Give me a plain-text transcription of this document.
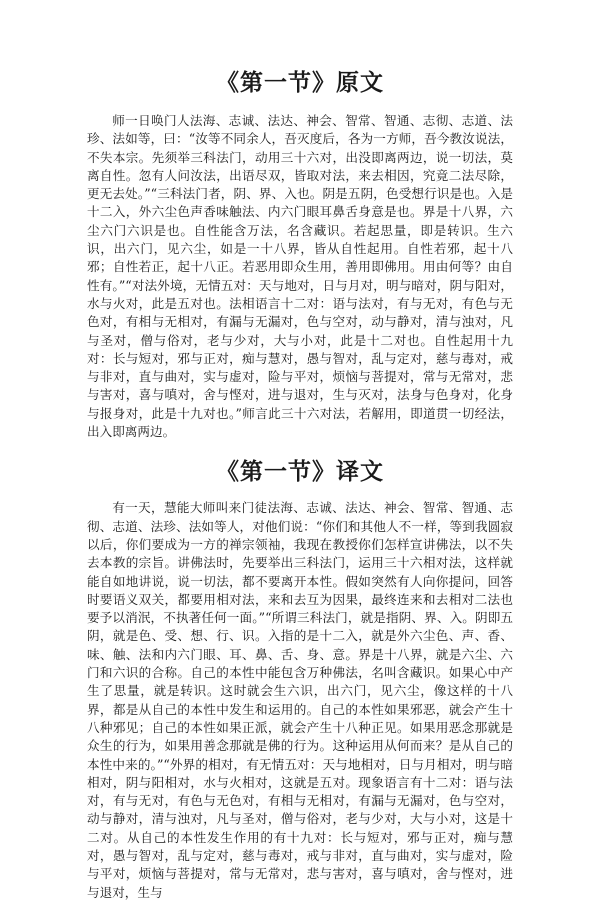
《第一节》原文

师一日唤门人法海、志诚、法达、神会、智常、智通、志彻、志道、法珍、法如等，曰：“汝等不同余人，吾灭度后，各为一方师，吾今教汝说法，不失本宗。先须举三科法门，动用三十六对，出没即离两边，说一切法，莫离自性。忽有人问汝法，出语尽双，皆取对法，来去相因，究竟二法尽除，更无去处。”“三科法门者，阴、界、入也。阴是五阴，色受想行识是也。入是十二入，外六尘色声香味触法、内六门眼耳鼻舌身意是也。界是十八界，六尘六门六识是也。自性能含万法，名含藏识。若起思量，即是转识。生六识，出六门，见六尘，如是一十八界，皆从自性起用。自性若邪，起十八邪；自性若正，起十八正。若恶用即众生用，善用即佛用。用由何等？由自性有。”“对法外境，无情五对：天与地对，日与月对，明与暗对，阴与阳对，水与火对，此是五对也。法相语言十二对：语与法对，有与无对，有色与无色对，有相与无相对，有漏与无漏对，色与空对，动与静对，清与浊对，凡与圣对，僧与俗对，老与少对，大与小对，此是十二对也。自性起用十九对：长与短对，邪与正对，痴与慧对，愚与智对，乱与定对，慈与毒对，戒与非对，直与曲对，实与虚对，险与平对，烦恼与菩提对，常与无常对，悲与害对，喜与嗔对，舍与悭对，进与退对，生与灭对，法身与色身对，化身与报身对，此是十九对也。”师言此三十六对法，若解用，即道贯一切经法，出入即离两边。

《第一节》译文

有一天，慧能大师叫来门徒法海、志诚、法达、神会、智常、智通、志彻、志道、法珍、法如等人，对他们说：“你们和其他人不一样，等到我圆寂以后，你们要成为一方的禅宗领袖，我现在教授你们怎样宣讲佛法，以不失去本教的宗旨。讲佛法时，先要举出三科法门，运用三十六相对法，这样就能自如地讲说，说一切法，都不要离开本性。假如突然有人向你提问，回答时要语义双关，都要用相对法，来和去互为因果，最终连来和去相对二法也要予以消泯，不执著任何一面。”“所谓三科法门，就是指阴、界、入。阴即五阴，就是色、受、想、行、识。入指的是十二入，就是外六尘色、声、香、味、触、法和内六门眼、耳、鼻、舌、身、意。界是十八界，就是六尘、六门和六识的合称。自己的本性中能包含万种佛法，名叫含藏识。如果心中产生了思量，就是转识。这时就会生六识，出六门，见六尘，像这样的十八界，都是从自己的本性中发生和运用的。自己的本性如果邪恶，就会产生十八种邪见；自己的本性如果正派，就会产生十八种正见。如果用恶念那就是众生的行为，如果用善念那就是佛的行为。这种运用从何而来？是从自己的本性中来的。”“外界的相对，有无情五对：天与地相对，日与月相对，明与暗相对，阴与阳相对，水与火相对，这就是五对。现象语言有十二对：语与法对，有与无对，有色与无色对，有相与无相对，有漏与无漏对，色与空对，动与静对，清与浊对，凡与圣对，僧与俗对，老与少对，大与小对，这是十二对。从自己的本性发生作用的有十九对：长与短对，邪与正对，痴与慧对，愚与智对，乱与定对，慈与毒对，戒与非对，直与曲对，实与虚对，险与平对，烦恼与菩提对，常与无常对，悲与害对，喜与嗔对，舍与悭对，进与退对，生与
